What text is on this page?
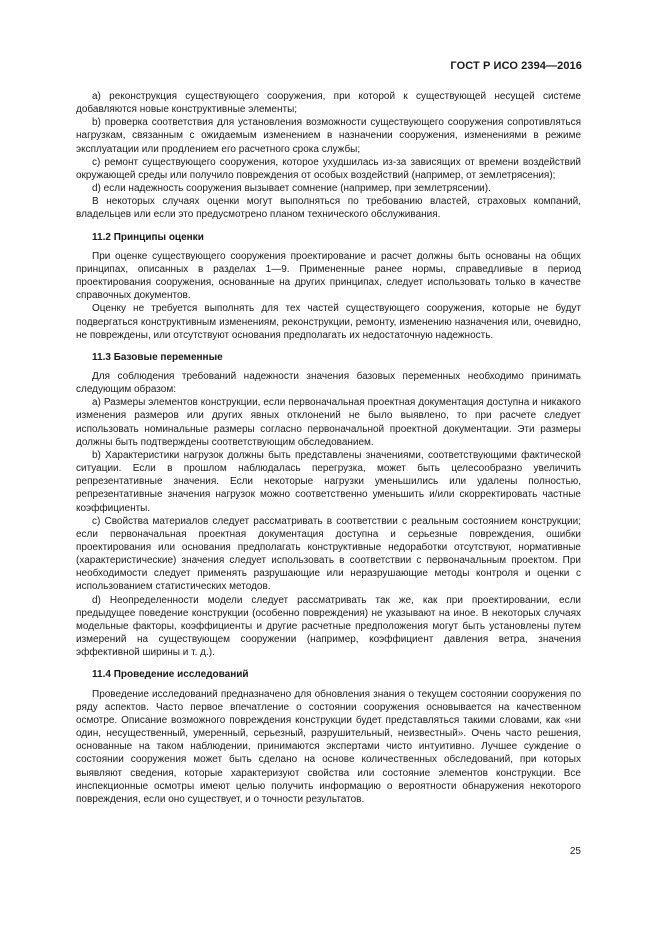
ГОСТ Р ИСО 2394—2016

a) реконструкция существующего сооружения, при которой к существующей несущей системе добавляются новые конструктивные элементы;

b) проверка соответствия для установления возможности существующего сооружения сопротивляться нагрузкам, связанным с ожидаемым изменением в назначении сооружения, изменениями в режиме эксплуатации или продлением его расчетного срока службы;

c) ремонт существующего сооружения, которое ухудшилась из-за зависящих от времени воздействий окружающей среды или получило повреждения от особых воздействий (например, от землетрясения);

d) если надежность сооружения вызывает сомнение (например, при землетрясении).

В некоторых случаях оценки могут выполняться по требованию властей, страховых компаний, владельцев или если это предусмотрено планом технического обслуживания.

11.2 Принципы оценки

При оценке существующего сооружения проектирование и расчет должны быть основаны на общих принципах, описанных в разделах 1—9. Примененные ранее нормы, справедливые в период проектирования сооружения, основанные на других принципах, следует использовать только в качестве справочных документов.

Оценку не требуется выполнять для тех частей существующего сооружения, которые не будут подвергаться конструктивным изменениям, реконструкции, ремонту, изменению назначения или, очевидно, не повреждены, или отсутствуют основания предполагать их недостаточную надежность.

11.3 Базовые переменные

Для соблюдения требований надежности значения базовых переменных необходимо принимать следующим образом:

a) Размеры элементов конструкции, если первоначальная проектная документация доступна и никакого изменения размеров или других явных отклонений не было выявлено, то при расчете следует использовать номинальные размеры согласно первоначальной проектной документации. Эти размеры должны быть подтверждены соответствующим обследованием.

b) Характеристики нагрузок должны быть представлены значениями, соответствующими фактической ситуации. Если в прошлом наблюдалась перегрузка, может быть целесообразно увеличить репрезентативные значения. Если некоторые нагрузки уменьшились или удалены полностью, репрезентативные значения нагрузок можно соответственно уменьшить и/или скорректировать частные коэффициенты.

c) Свойства материалов следует рассматривать в соответствии с реальным состоянием конструкции; если первоначальная проектная документация доступна и серьезные повреждения, ошибки проектирования или основания предполагать конструктивные недоработки отсутствуют, нормативные (характеристические) значения следует использовать в соответствии с первоначальным проектом. При необходимости следует применять разрушающие или неразрушающие методы контроля и оценки с использованием статистических методов.

d) Неопределенности модели следует рассматривать так же, как при проектировании, если предыдущее поведение конструкции (особенно повреждения) не указывают на иное. В некоторых случаях модельные факторы, коэффициенты и другие расчетные предположения могут быть установлены путем измерений на существующем сооружении (например, коэффициент давления ветра, значения эффективной ширины и т. д.).

11.4 Проведение исследований

Проведение исследований предназначено для обновления знания о текущем состоянии сооружения по ряду аспектов. Часто первое впечатление о состоянии сооружения основывается на качественном осмотре. Описание возможного повреждения конструкции будет представляться такими словами, как «ни один, несущественный, умеренный, серьезный, разрушительный, неизвестный». Очень часто решения, основанные на таком наблюдении, принимаются экспертами чисто интуитивно. Лучшее суждение о состоянии сооружения может быть сделано на основе количественных обследований, при которых выявляют сведения, которые характеризуют свойства или состояние элементов конструкции. Все инспекционные осмотры имеют целью получить информацию о вероятности обнаружения некоторого повреждения, если оно существует, и о точности результатов.

25
